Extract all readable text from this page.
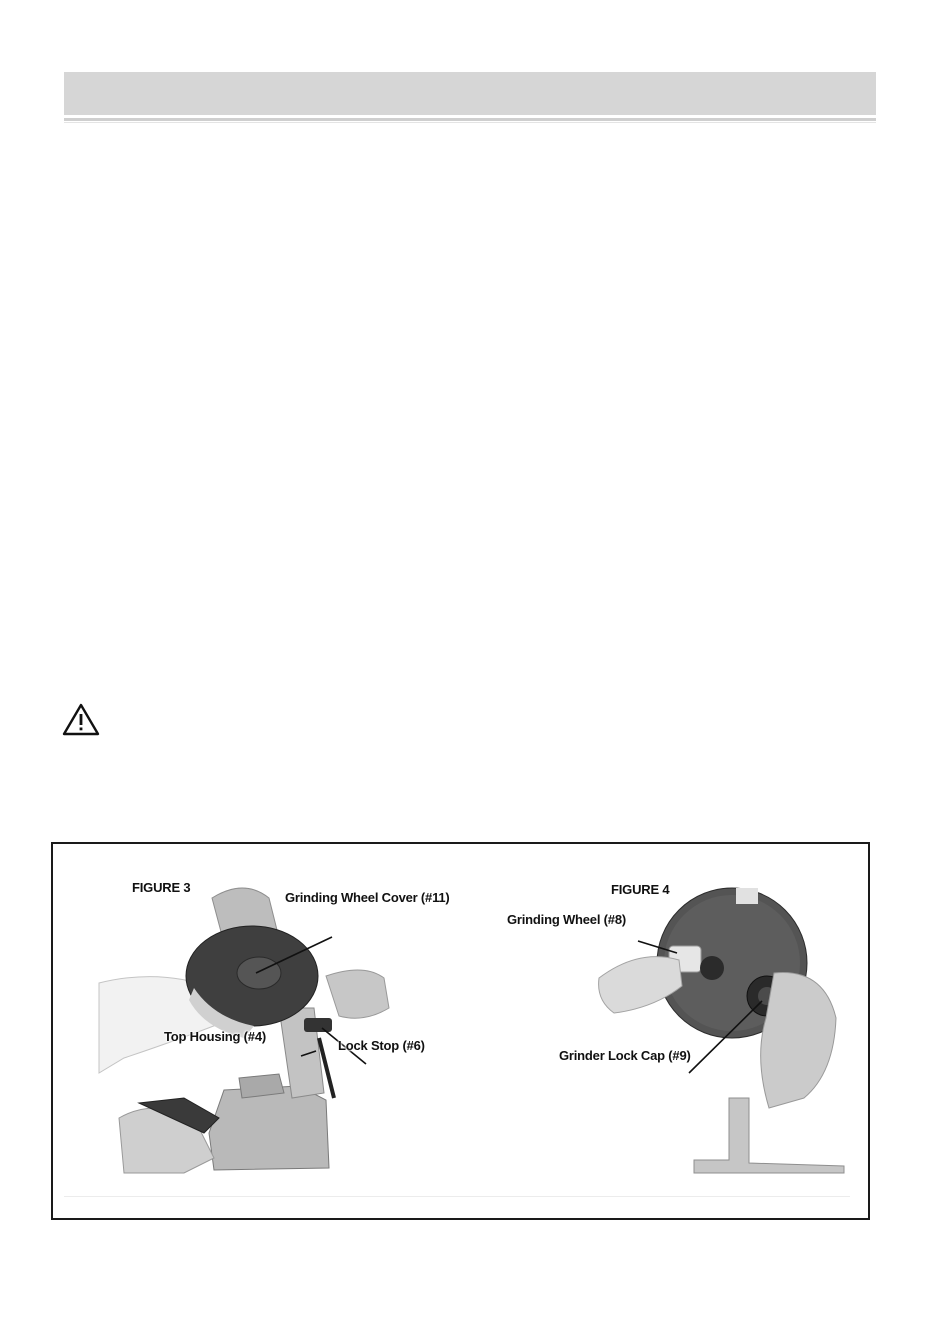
FIGURE 3
Grinding Wheel Cover (#11)
Top Housing (#4)
Lock Stop (#6)
FIGURE 4
Grinding Wheel (#8)
Grinder Lock Cap (#9)
